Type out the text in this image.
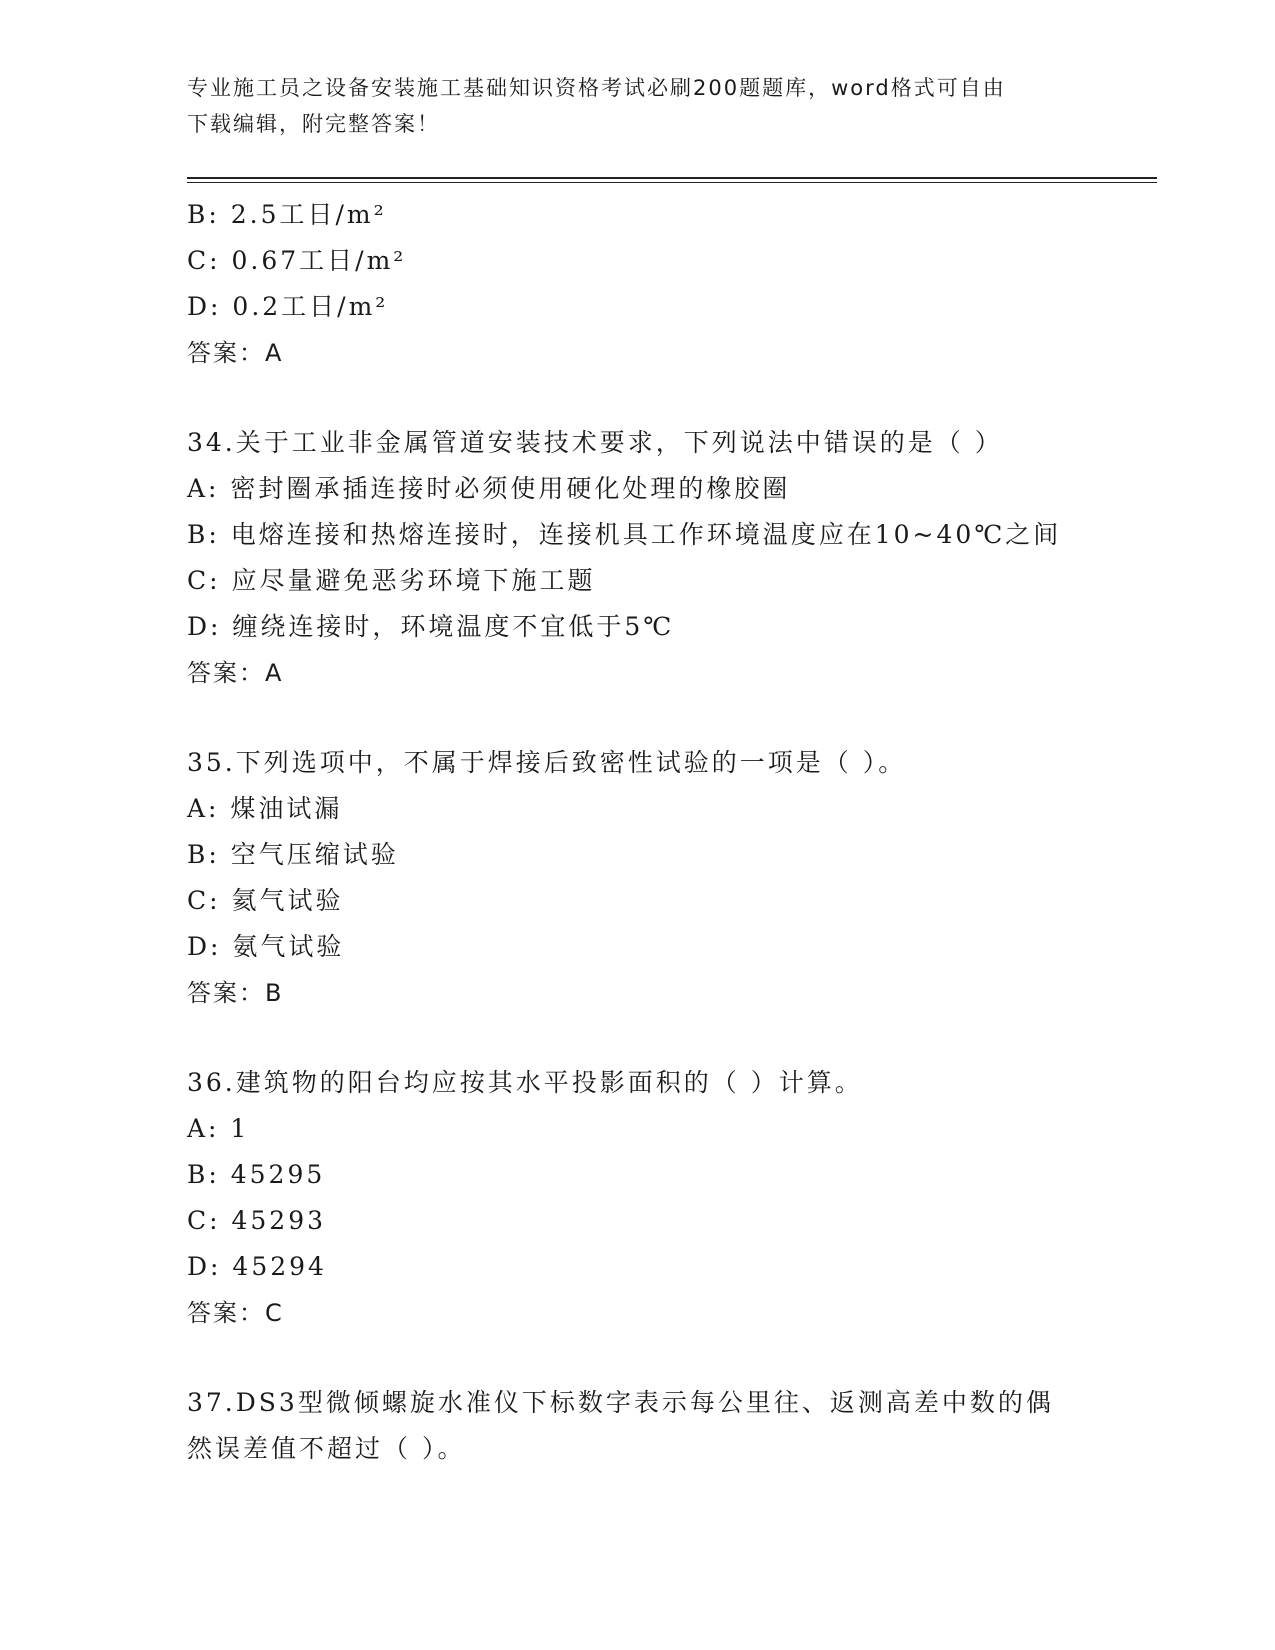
专业施工员之设备安装施工基础知识资格考试必刷200题题库，word格式可自由
下载编辑，附完整答案！
B: 2.5工日/m²
C: 0.67工日/m²
D: 0.2工日/m²
答案：A
34.关于工业非金属管道安装技术要求，下列说法中错误的是（ ）
A: 密封圈承插连接时必须使用硬化处理的橡胶圈
B: 电熔连接和热熔连接时，连接机具工作环境温度应在10~40℃之间
C: 应尽量避免恶劣环境下施工题
D: 缠绕连接时，环境温度不宜低于5℃
答案：A
35.下列选项中，不属于焊接后致密性试验的一项是（ ）。
A: 煤油试漏
B: 空气压缩试验
C: 氦气试验
D: 氨气试验
答案：B
36.建筑物的阳台均应按其水平投影面积的（ ）计算。
A: 1
B: 45295
C: 45293
D: 45294
答案：C
37.DS3型微倾螺旋水准仪下标数字表示每公里往、返测高差中数的偶
然误差值不超过（ ）。
